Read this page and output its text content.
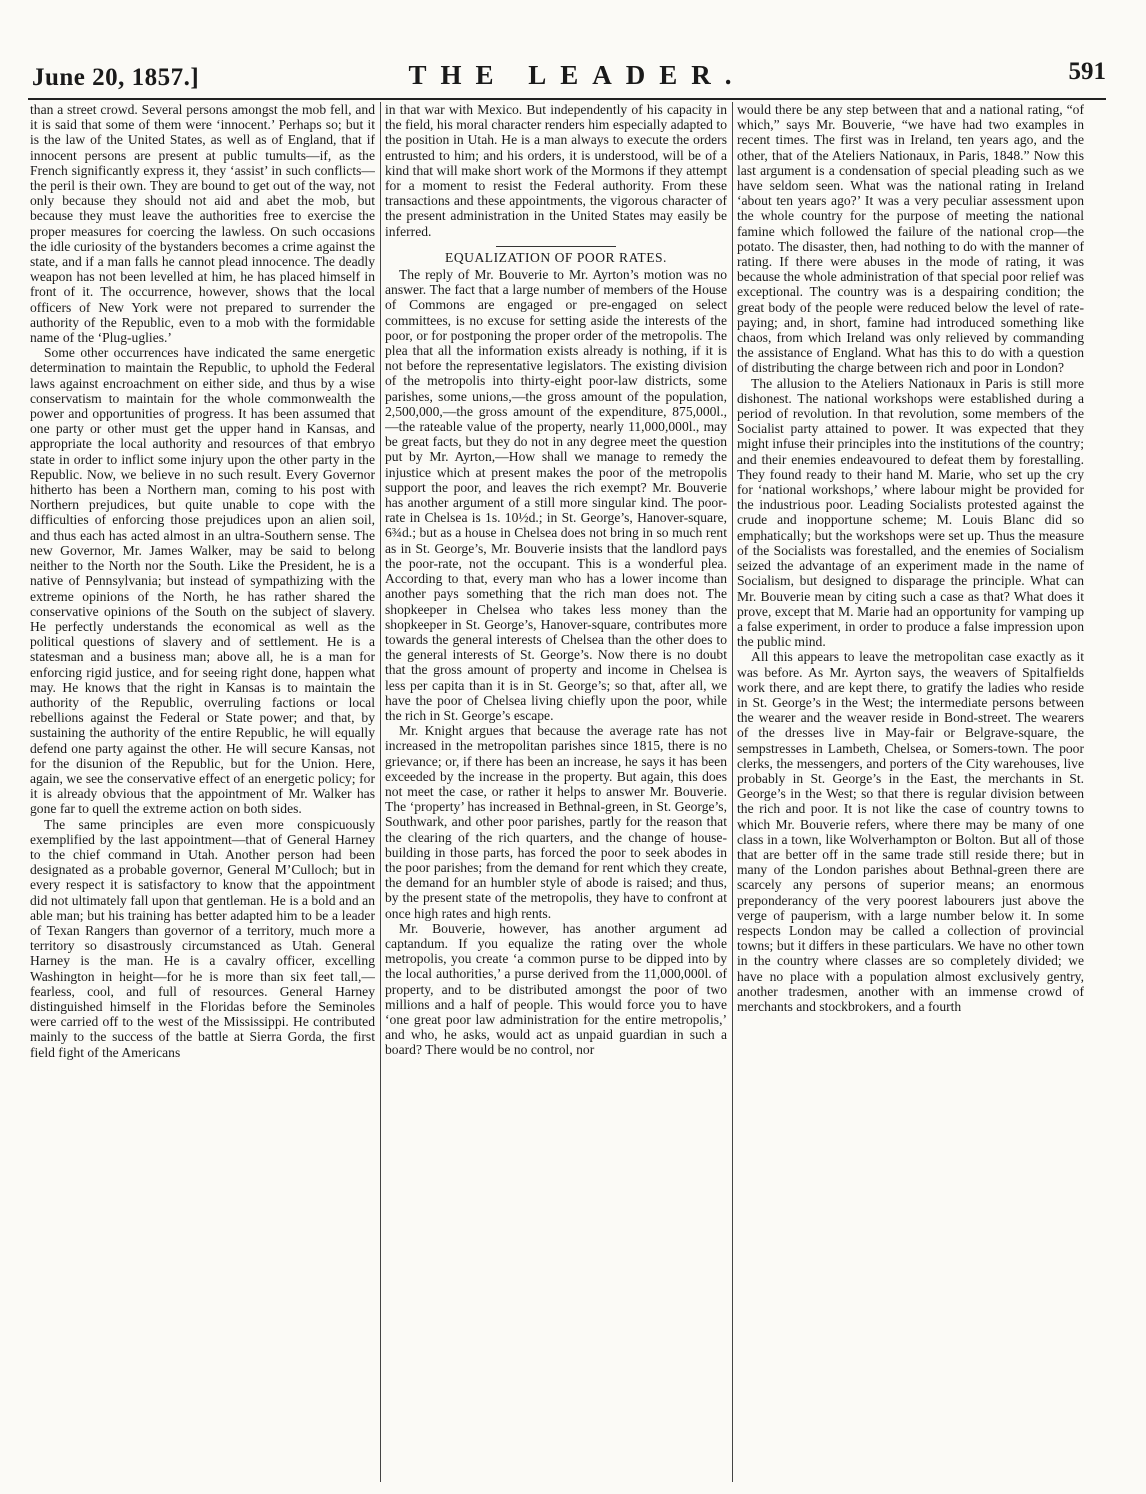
June 20, 1857.]	THE LEADER.	591

than a street crowd. Several persons amongst the mob fell, and it is said that some of them were ‘innocent.’ Perhaps so; but it is the law of the United States, as well as of England, that if innocent persons are present at public tumults—if, as the French significantly express it, they ‘assist’ in such conflicts—the peril is their own. They are bound to get out of the way, not only because they should not aid and abet the mob, but because they must leave the authorities free to exercise the proper measures for coercing the lawless. On such occasions the idle curiosity of the bystanders becomes a crime against the state, and if a man falls he cannot plead innocence. The deadly weapon has not been levelled at him, he has placed himself in front of it. The occurrence, however, shows that the local officers of New York were not prepared to surrender the authority of the Republic, even to a mob with the formidable name of the ‘Plug-uglies.’

Some other occurrences have indicated the same energetic determination to maintain the Republic, to uphold the Federal laws against encroachment on either side, and thus by a wise conservatism to maintain for the whole commonwealth the power and opportunities of progress. It has been assumed that one party or other must get the upper hand in Kansas, and appropriate the local authority and resources of that embryo state in order to inflict some injury upon the other party in the Republic. Now, we believe in no such result. Every Governor hitherto has been a Northern man, coming to his post with Northern prejudices, but quite unable to cope with the difficulties of enforcing those prejudices upon an alien soil, and thus each has acted almost in an ultra-Southern sense. The new Governor, Mr. James Walker, may be said to belong neither to the North nor the South. Like the President, he is a native of Pennsylvania; but instead of sympathizing with the extreme opinions of the North, he has rather shared the conservative opinions of the South on the subject of slavery. He perfectly understands the economical as well as the political questions of slavery and of settlement. He is a statesman and a business man; above all, he is a man for enforcing rigid justice, and for seeing right done, happen what may. He knows that the right in Kansas is to maintain the authority of the Republic, overruling factions or local rebellions against the Federal or State power; and that, by sustaining the authority of the entire Republic, he will equally defend one party against the other. He will secure Kansas, not for the disunion of the Republic, but for the Union. Here, again, we see the conservative effect of an energetic policy; for it is already obvious that the appointment of Mr. Walker has gone far to quell the extreme action on both sides.

The same principles are even more conspicuously exemplified by the last appointment—that of General Harney to the chief command in Utah. Another person had been designated as a probable governor, General M’Culloch; but in every respect it is satisfactory to know that the appointment did not ultimately fall upon that gentleman. He is a bold and an able man; but his training has better adapted him to be a leader of Texan Rangers than governor of a territory, much more a territory so disastrously circumstanced as Utah. General Harney is the man. He is a cavalry officer, excelling Washington in height—for he is more than six feet tall,—fearless, cool, and full of resources. General Harney distinguished himself in the Floridas before the Seminoles were carried off to the west of the Mississippi. He contributed mainly to the success of the battle at Sierra Gorda, the first field fight of the Americans

in that war with Mexico. But independently of his capacity in the field, his moral character renders him especially adapted to the position in Utah. He is a man always to execute the orders entrusted to him; and his orders, it is understood, will be of a kind that will make short work of the Mormons if they attempt for a moment to resist the Federal authority. From these transactions and these appointments, the vigorous character of the present administration in the United States may easily be inferred.

EQUALIZATION OF POOR RATES.

The reply of Mr. Bouverie to Mr. Ayrton’s motion was no answer. The fact that a large number of members of the House of Commons are engaged or pre-engaged on select committees, is no excuse for setting aside the interests of the poor, or for postponing the proper order of the metropolis. The plea that all the information exists already is nothing, if it is not before the representative legislators. The existing division of the metropolis into thirty-eight poor-law districts, some parishes, some unions,—the gross amount of the population, 2,500,000,—the gross amount of the expenditure, 875,000l., —the rateable value of the property, nearly 11,000,000l., may be great facts, but they do not in any degree meet the question put by Mr. Ayrton,—How shall we manage to remedy the injustice which at present makes the poor of the metropolis support the poor, and leaves the rich exempt? Mr. Bouverie has another argument of a still more singular kind. The poor-rate in Chelsea is 1s. 10½d.; in St. George’s, Hanover-square, 6¾d.; but as a house in Chelsea does not bring in so much rent as in St. George’s, Mr. Bouverie insists that the landlord pays the poor-rate, not the occupant. This is a wonderful plea. According to that, every man who has a lower income than another pays something that the rich man does not. The shopkeeper in Chelsea who takes less money than the shopkeeper in St. George’s, Hanover-square, contributes more towards the general interests of Chelsea than the other does to the general interests of St. George’s. Now there is no doubt that the gross amount of property and income in Chelsea is less per capita than it is in St. George’s; so that, after all, we have the poor of Chelsea living chiefly upon the poor, while the rich in St. George’s escape.

Mr. Knight argues that because the average rate has not increased in the metropolitan parishes since 1815, there is no grievance; or, if there has been an increase, he says it has been exceeded by the increase in the property. But again, this does not meet the case, or rather it helps to answer Mr. Bouverie. The ‘property’ has increased in Bethnal-green, in St. George’s, Southwark, and other poor parishes, partly for the reason that the clearing of the rich quarters, and the change of house-building in those parts, has forced the poor to seek abodes in the poor parishes; from the demand for rent which they create, the demand for an humbler style of abode is raised; and thus, by the present state of the metropolis, they have to confront at once high rates and high rents.

Mr. Bouverie, however, has another argument ad captandum. If you equalize the rating over the whole metropolis, you create ‘a common purse to be dipped into by the local authorities,’ a purse derived from the 11,000,000l. of property, and to be distributed amongst the poor of two millions and a half of people. This would force you to have ‘one great poor law administration for the entire metropolis,’ and who, he asks, would act as unpaid guardian in such a board? There would be no control, nor

would there be any step between that and a national rating, “of which,” says Mr. Bouverie, “we have had two examples in recent times. The first was in Ireland, ten years ago, and the other, that of the Ateliers Nationaux, in Paris, 1848.” Now this last argument is a condensation of special pleading such as we have seldom seen. What was the national rating in Ireland ‘about ten years ago?’ It was a very peculiar assessment upon the whole country for the purpose of meeting the national famine which followed the failure of the national crop—the potato. The disaster, then, had nothing to do with the manner of rating. If there were abuses in the mode of rating, it was because the whole administration of that special poor relief was exceptional. The country was is a despairing condition; the great body of the people were reduced below the level of rate-paying; and, in short, famine had introduced something like chaos, from which Ireland was only relieved by commanding the assistance of England. What has this to do with a question of distributing the charge between rich and poor in London?

The allusion to the Ateliers Nationaux in Paris is still more dishonest. The national workshops were established during a period of revolution. In that revolution, some members of the Socialist party attained to power. It was expected that they might infuse their principles into the institutions of the country; and their enemies endeavoured to defeat them by forestalling. They found ready to their hand M. Marie, who set up the cry for ‘national workshops,’ where labour might be provided for the industrious poor. Leading Socialists protested against the crude and inopportune scheme; M. Louis Blanc did so emphatically; but the workshops were set up. Thus the measure of the Socialists was forestalled, and the enemies of Socialism seized the advantage of an experiment made in the name of Socialism, but designed to disparage the principle. What can Mr. Bouverie mean by citing such a case as that? What does it prove, except that M. Marie had an opportunity for vamping up a false experiment, in order to produce a false impression upon the public mind.

All this appears to leave the metropolitan case exactly as it was before. As Mr. Ayrton says, the weavers of Spitalfields work there, and are kept there, to gratify the ladies who reside in St. George’s in the West; the intermediate persons between the wearer and the weaver reside in Bond-street. The wearers of the dresses live in May-fair or Belgrave-square, the sempstresses in Lambeth, Chelsea, or Somers-town. The poor clerks, the messengers, and porters of the City warehouses, live probably in St. George’s in the East, the merchants in St. George’s in the West; so that there is regular division between the rich and poor. It is not like the case of country towns to which Mr. Bouverie refers, where there may be many of one class in a town, like Wolverhampton or Bolton. But all of those that are better off in the same trade still reside there; but in many of the London parishes about Bethnal-green there are scarcely any persons of superior means; an enormous preponderancy of the very poorest labourers just above the verge of pauperism, with a large number below it. In some respects London may be called a collection of provincial towns; but it differs in these particulars. We have no other town in the country where classes are so completely divided; we have no place with a population almost exclusively gentry, another tradesmen, another with an immense crowd of merchants and stockbrokers, and a fourth
